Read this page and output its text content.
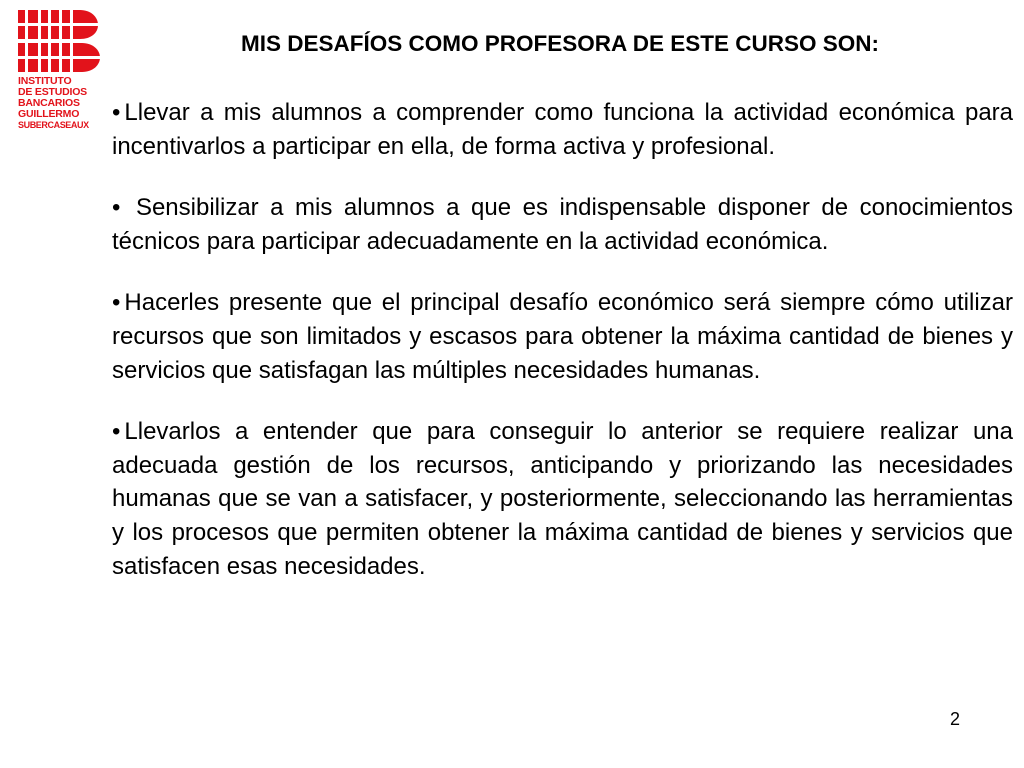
INSTITUTO
DE ESTUDIOS
BANCARIOS
GUILLERMO
SUBERCASEAUX
MIS DESAFÍOS COMO PROFESORA DE ESTE CURSO SON:
• Llevar a mis alumnos a comprender como funciona la actividad económica para incentivarlos a participar en ella, de forma activa y profesional.
• Sensibilizar a mis alumnos a que es indispensable disponer de conocimientos técnicos para participar adecuadamente en la actividad económica.
• Hacerles presente que el principal desafío económico será siempre cómo utilizar recursos que son limitados y escasos para obtener la máxima cantidad de bienes y servicios que satisfagan las múltiples necesidades humanas.
• Llevarlos a entender que para conseguir lo anterior se requiere realizar una adecuada gestión de los recursos, anticipando y priorizando las necesidades humanas que se van a satisfacer, y posteriormente, seleccionando las herramientas y los procesos que permiten obtener la máxima cantidad de bienes y servicios que satisfacen esas necesidades.
2
